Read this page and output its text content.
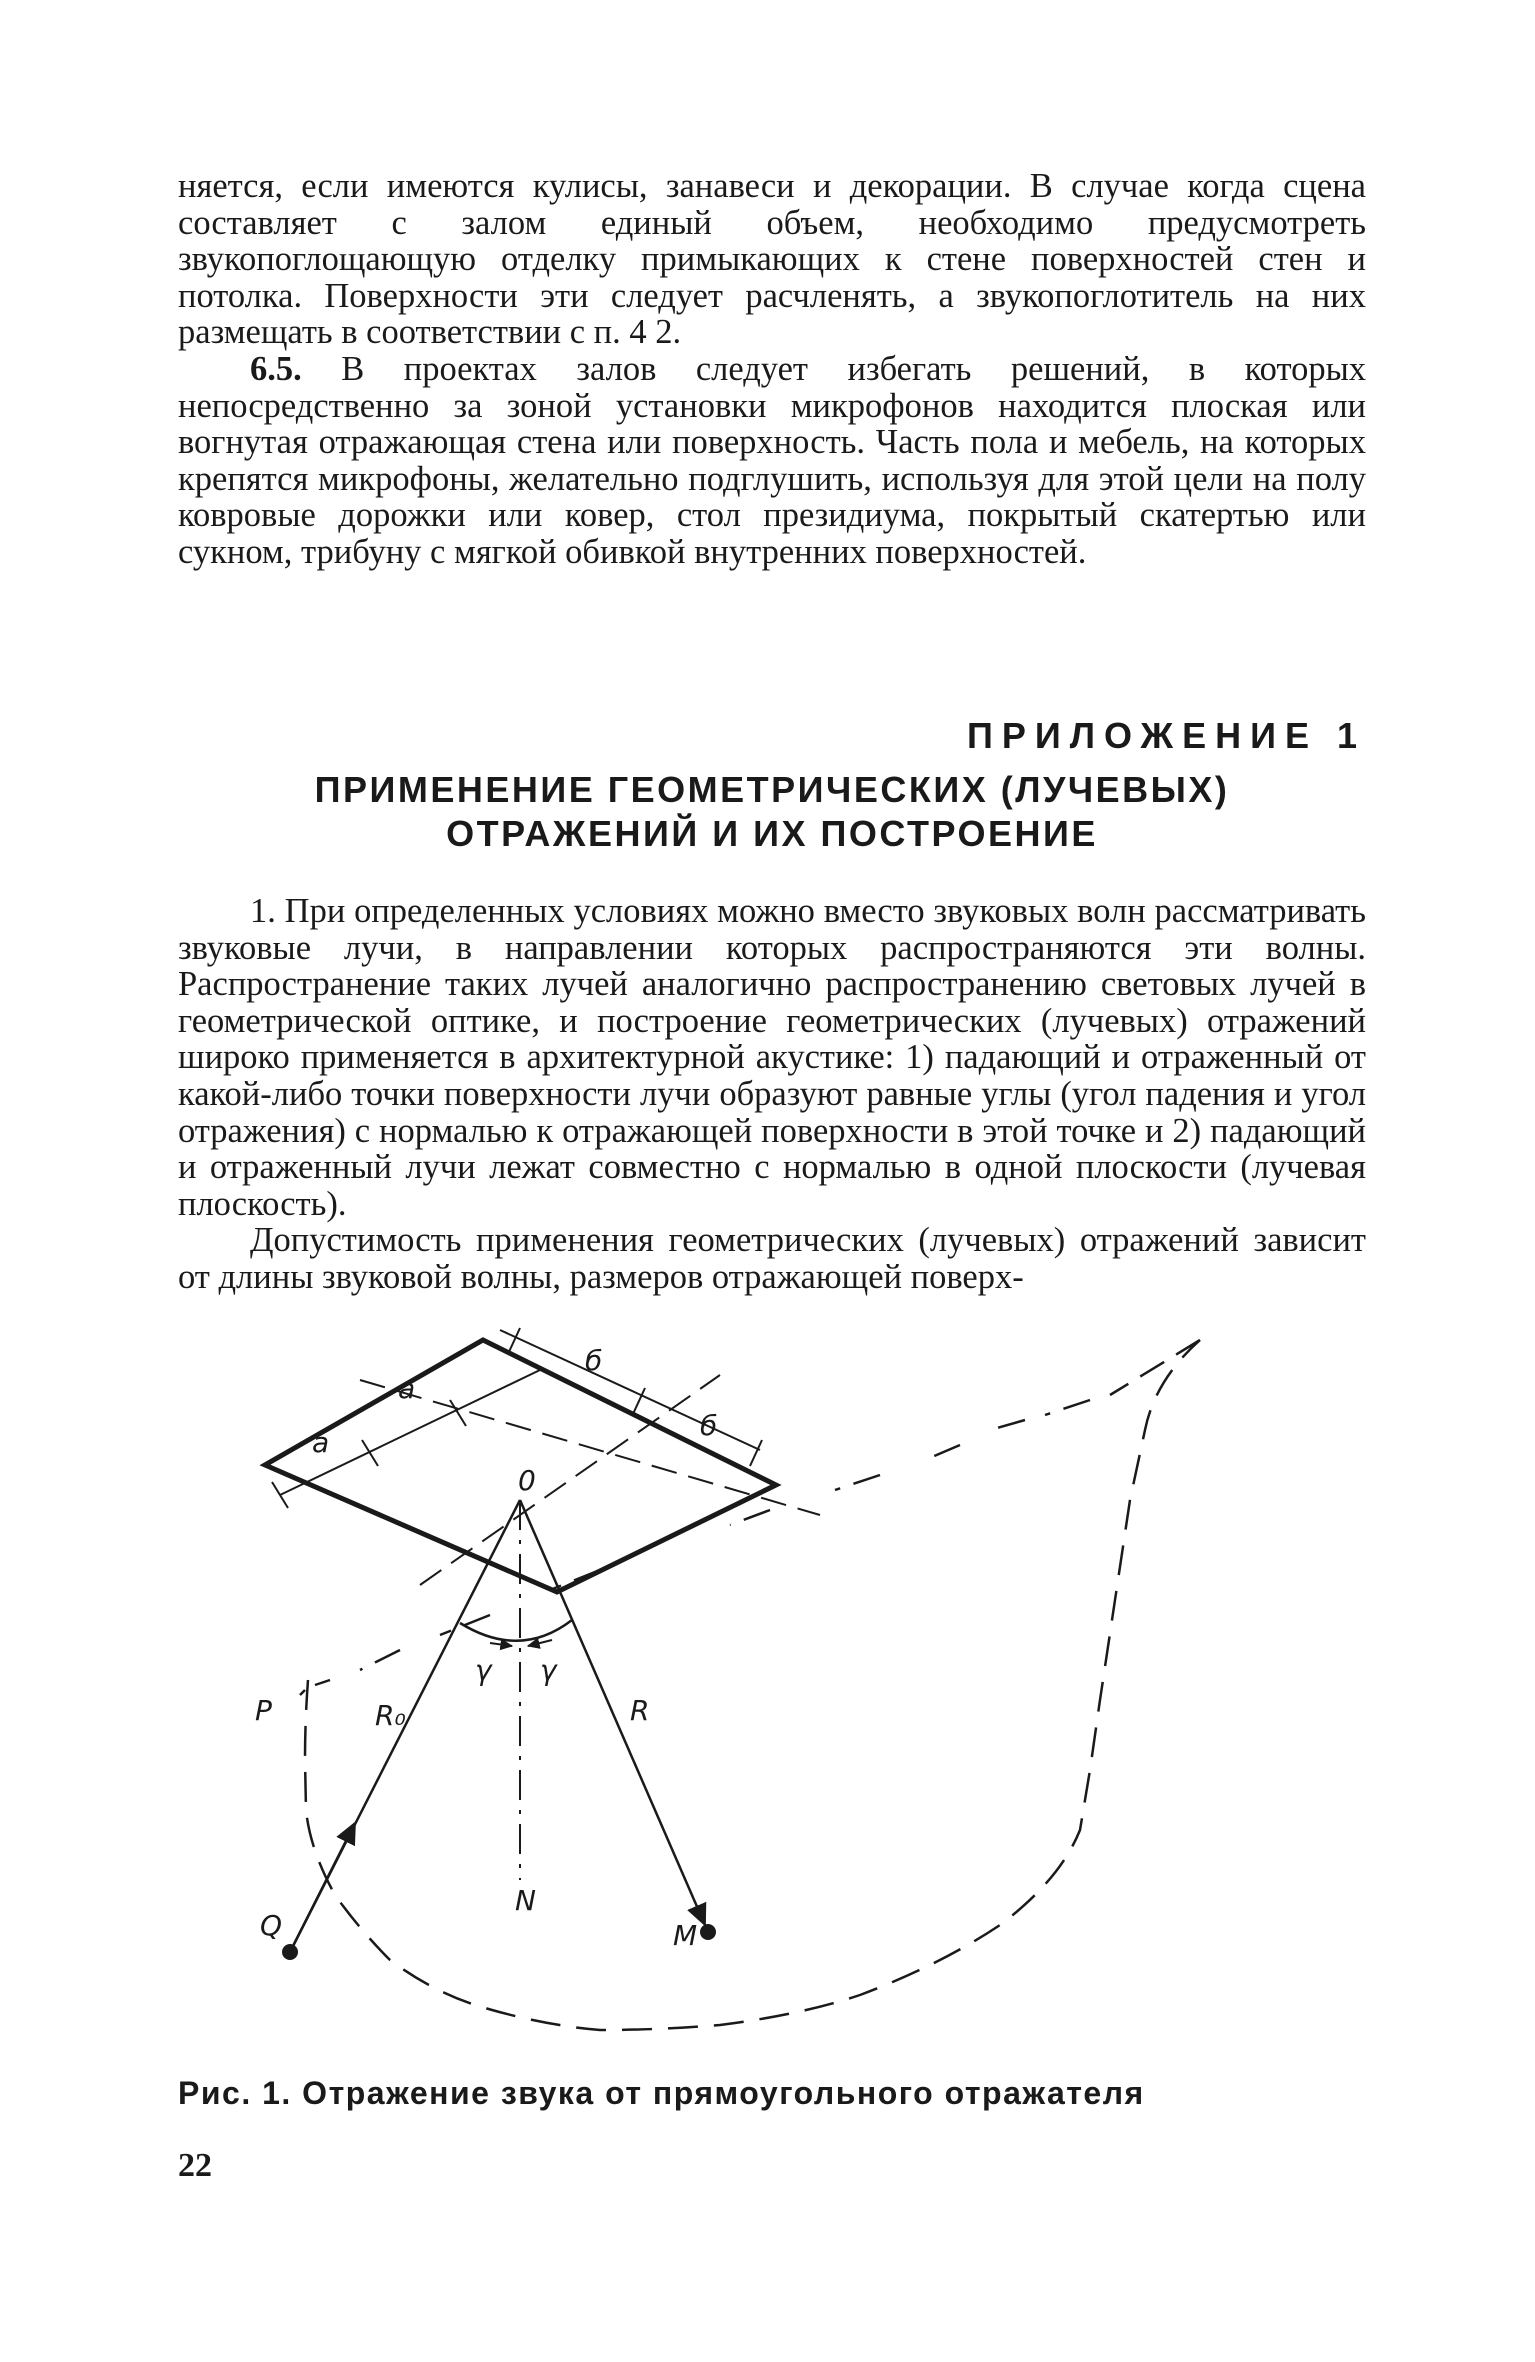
няется, если имеются кулисы, занавеси и декорации. В случае когда сцена составляет с залом единый объем, необходимо предусмотреть звукопоглощающую отделку примыкающих к стене поверхностей стен и потолка. Поверхности эти следует расчленять, а звукопоглотитель на них размещать в соответствии с п. 4 2.

6.5. В проектах залов следует избегать решений, в которых непосредственно за зоной установки микрофонов находится плоская или вогнутая отражающая стена или поверхность. Часть пола и мебель, на которых крепятся микрофоны, желательно подглушить, используя для этой цели на полу ковровые дорожки или ковер, стол президиума, покрытый скатертью или сукном, трибуну с мягкой обивкой внутренних поверхностей.

ПРИЛОЖЕНИЕ 1

ПРИМЕНЕНИЕ ГЕОМЕТРИЧЕСКИХ (ЛУЧЕВЫХ)
ОТРАЖЕНИЙ И ИХ ПОСТРОЕНИЕ

1. При определенных условиях можно вместо звуковых волн рассматривать звуковые лучи, в направлении которых распространяются эти волны. Распространение таких лучей аналогично распространению световых лучей в геометрической оптике, и построение геометрических (лучевых) отражений широко применяется в архитектурной акустике: 1) падающий и отраженный от какой-либо точки поверхности лучи образуют равные углы (угол падения и угол отражения) с нормалью к отражающей поверхности в этой точке и 2) падающий и отраженный лучи лежат совместно с нормалью в одной плоскости (лучевая плоскость).

Допустимость применения геометрических (лучевых) отражений зависит от длины звуковой волны, размеров отражающей поверх-

a
a
б
б
0
γ γ
R₀	R
N
P
Q	M

Рис. 1. Отражение звука от прямоугольного отражателя

22
